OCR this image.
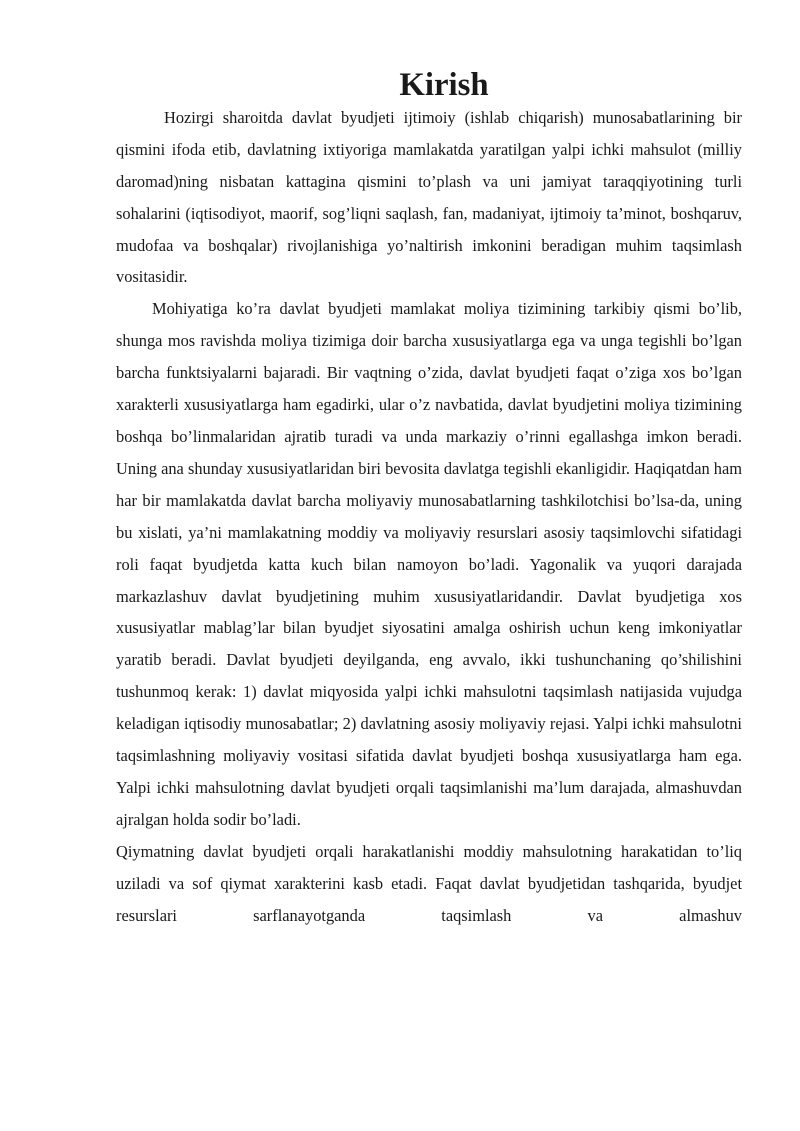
Kirish

Hozirgi sharoitda davlat byudjeti ijtimoiy (ishlab chiqarish) munosabatlarining bir qismini ifoda etib, davlatning ixtiyoriga mamlakatda yaratilgan yalpi ichki mahsulot (milliy daromad)ning nisbatan kattagina qismini to’plash va uni jamiyat taraqqiyotining turli sohalarini (iqtisodiyot, maorif, sog’liqni saqlash, fan, madaniyat, ijtimoiy ta’minot, boshqaruv, mudofaa va boshqalar) rivojlanishiga yo’naltirish imkonini beradigan muhim taqsimlash vositasidir.

Mohiyatiga ko’ra davlat byudjeti mamlakat moliya tizimining tarkibiy qismi bo’lib, shunga mos ravishda moliya tizimiga doir barcha xususiyatlarga ega va unga tegishli bo’lgan barcha funktsiyalarni bajaradi. Bir vaqtning o’zida, davlat byudjeti faqat o’ziga xos bo’lgan xarakterli xususiyatlarga ham egadirki, ular o’z navbatida, davlat byudjetini moliya tizimining boshqa bo’linmalaridan ajratib turadi va unda markaziy o’rinni egallashga imkon beradi. Uning ana shunday xususiyatlaridan biri bevosita davlatga tegishli ekanligidir. Haqiqatdan ham har bir mamlakatda davlat barcha moliyaviy munosabatlarning tashkilotchisi bo’lsa-da, uning bu xislati, ya’ni mamlakatning moddiy va moliyaviy resurslari asosiy taqsimlovchi sifatidagi roli faqat byudjetda katta kuch bilan namoyon bo’ladi. Yagonalik va yuqori darajada markazlashuv davlat byudjetining muhim xususiyatlaridandir. Davlat byudjetiga xos xususiyatlar mablag’lar bilan byudjet siyosatini amalga oshirish uchun keng imkoniyatlar yaratib beradi. Davlat byudjeti deyilganda, eng avvalo, ikki tushunchaning qo’shilishini tushunmoq kerak: 1) davlat miqyosida yalpi ichki mahsulotni taqsimlash natijasida vujudga keladigan iqtisodiy munosabatlar; 2) davlatning asosiy moliyaviy rejasi. Yalpi ichki mahsulotni taqsimlashning moliyaviy vositasi sifatida davlat byudjeti boshqa xususiyatlarga ham ega. Yalpi ichki mahsulotning davlat byudjeti orqali taqsimlanishi ma’lum darajada, almashuvdan ajralgan holda sodir bo’ladi.

Qiymatning davlat byudjeti orqali harakatlanishi moddiy mahsulotning harakatidan to’liq uziladi va sof qiymat xarakterini kasb etadi. Faqat davlat byudjetidan tashqarida, byudjet resurslari sarflanayotganda taqsimlash va almashuv
